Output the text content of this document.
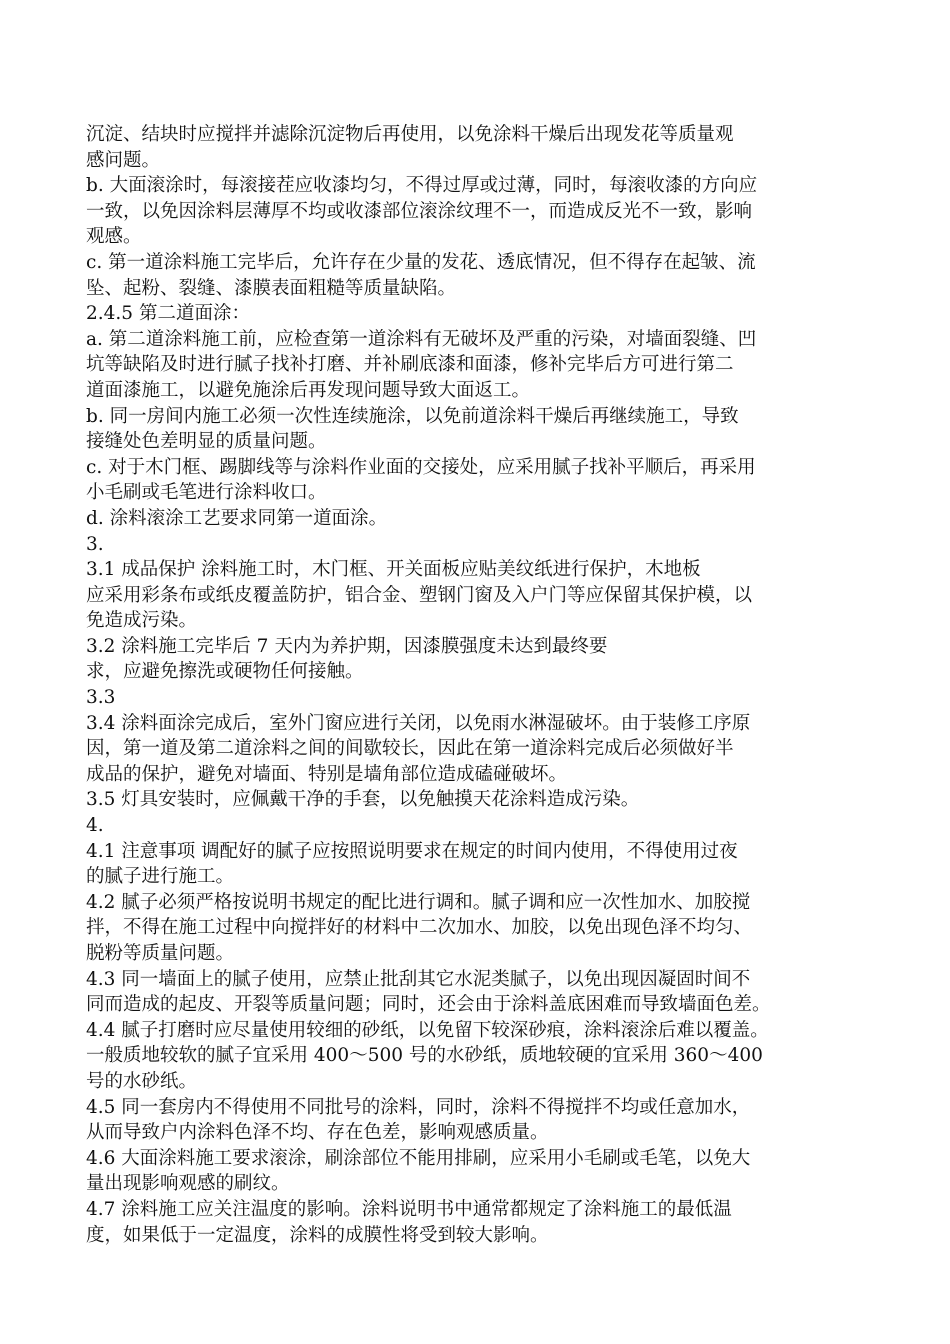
沉淀、结块时应搅拌并滤除沉淀物后再使用，以免涂料干燥后出现发花等质量观
感问题。
b. 大面滚涂时，每滚接茬应收漆均匀，不得过厚或过薄，同时，每滚收漆的方向应
一致，以免因涂料层薄厚不均或收漆部位滚涂纹理不一，而造成反光不一致，影响
观感。
c. 第一道涂料施工完毕后，允许存在少量的发花、透底情况，但不得存在起皱、流
坠、起粉、裂缝、漆膜表面粗糙等质量缺陷。
2.4.5 第二道面涂：
a. 第二道涂料施工前，应检查第一道涂料有无破坏及严重的污染，对墙面裂缝、凹
坑等缺陷及时进行腻子找补打磨、并补刷底漆和面漆，修补完毕后方可进行第二
道面漆施工，以避免施涂后再发现问题导致大面返工。
b. 同一房间内施工必须一次性连续施涂，以免前道涂料干燥后再继续施工，导致
接缝处色差明显的质量问题。
c. 对于木门框、踢脚线等与涂料作业面的交接处，应采用腻子找补平顺后，再采用
小毛刷或毛笔进行涂料收口。
d. 涂料滚涂工艺要求同第一道面涂。
3.
3.1 成品保护 涂料施工时，木门框、开关面板应贴美纹纸进行保护，木地板
应采用彩条布或纸皮覆盖防护，铝合金、塑钢门窗及入户门等应保留其保护模，以
免造成污染。
3.2 涂料施工完毕后 7 天内为养护期，因漆膜强度未达到最终要
求，应避免擦洗或硬物任何接触。
3.3
3.4 涂料面涂完成后，室外门窗应进行关闭，以免雨水淋湿破坏。由于装修工序原
因，第一道及第二道涂料之间的间歇较长，因此在第一道涂料完成后必须做好半
成品的保护，避免对墙面、特别是墙角部位造成磕碰破坏。
3.5 灯具安装时，应佩戴干净的手套，以免触摸天花涂料造成污染。
4.
4.1 注意事项 调配好的腻子应按照说明要求在规定的时间内使用，不得使用过夜
的腻子进行施工。
4.2 腻子必须严格按说明书规定的配比进行调和。腻子调和应一次性加水、加胶搅
拌，不得在施工过程中向搅拌好的材料中二次加水、加胶，以免出现色泽不均匀、
脱粉等质量问题。
4.3 同一墙面上的腻子使用，应禁止批刮其它水泥类腻子，以免出现因凝固时间不
同而造成的起皮、开裂等质量问题；同时，还会由于涂料盖底困难而导致墙面色差。
4.4 腻子打磨时应尽量使用较细的砂纸，以免留下较深砂痕，涂料滚涂后难以覆盖。
一般质地较软的腻子宜采用 400～500 号的水砂纸，质地较硬的宜采用 360～400
号的水砂纸。
4.5 同一套房内不得使用不同批号的涂料，同时，涂料不得搅拌不均或任意加水，
从而导致户内涂料色泽不均、存在色差，影响观感质量。
4.6 大面涂料施工要求滚涂，刷涂部位不能用排刷，应采用小毛刷或毛笔，以免大
量出现影响观感的刷纹。
4.7 涂料施工应关注温度的影响。涂料说明书中通常都规定了涂料施工的最低温
度，如果低于一定温度，涂料的成膜性将受到较大影响。
